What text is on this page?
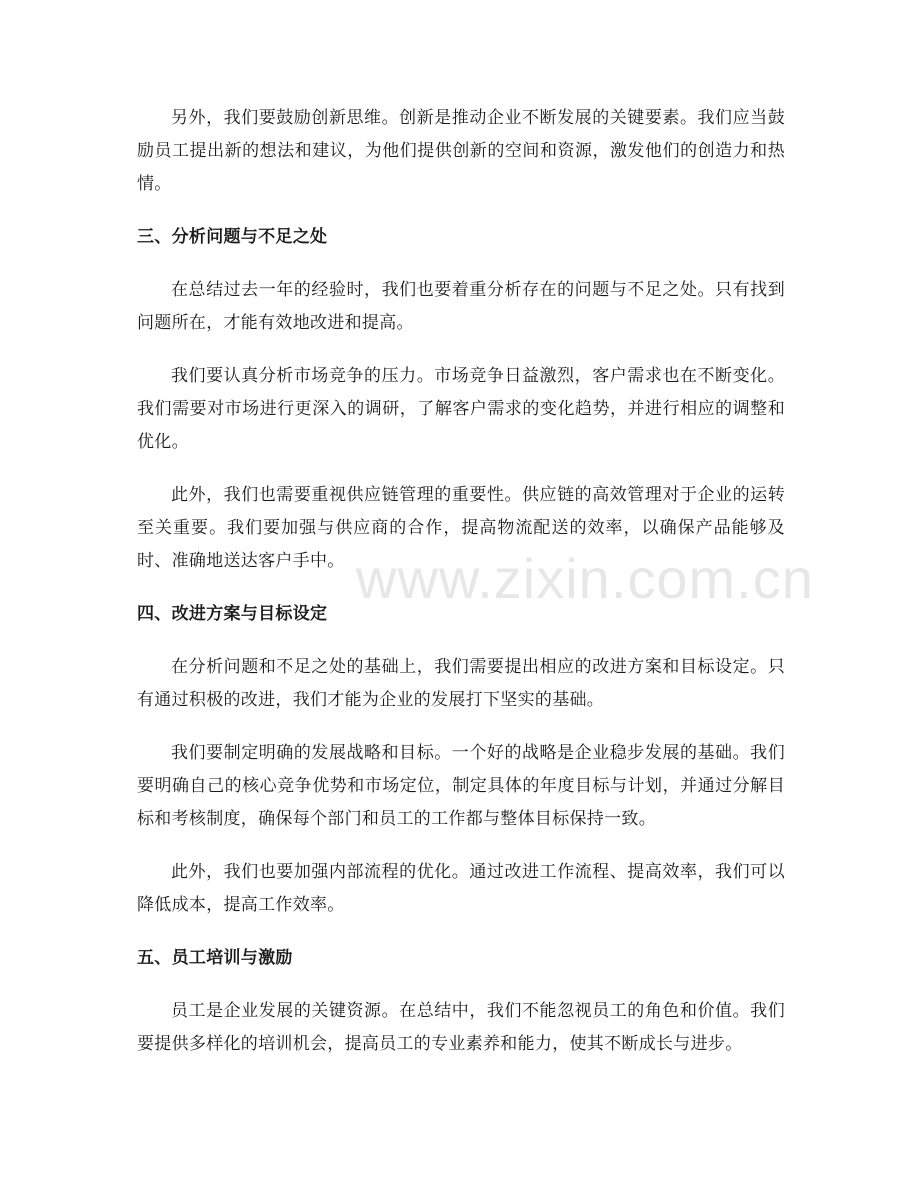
另外，我们要鼓励创新思维。创新是推动企业不断发展的关键要素。我们应当鼓励员工提出新的想法和建议，为他们提供创新的空间和资源，激发他们的创造力和热情。

三、分析问题与不足之处

在总结过去一年的经验时，我们也要着重分析存在的问题与不足之处。只有找到问题所在，才能有效地改进和提高。

我们要认真分析市场竞争的压力。市场竞争日益激烈，客户需求也在不断变化。我们需要对市场进行更深入的调研，了解客户需求的变化趋势，并进行相应的调整和优化。

此外，我们也需要重视供应链管理的重要性。供应链的高效管理对于企业的运转至关重要。我们要加强与供应商的合作，提高物流配送的效率，以确保产品能够及时、准确地送达客户手中。

四、改进方案与目标设定

在分析问题和不足之处的基础上，我们需要提出相应的改进方案和目标设定。只有通过积极的改进，我们才能为企业的发展打下坚实的基础。

我们要制定明确的发展战略和目标。一个好的战略是企业稳步发展的基础。我们要明确自己的核心竞争优势和市场定位，制定具体的年度目标与计划，并通过分解目标和考核制度，确保每个部门和员工的工作都与整体目标保持一致。

此外，我们也要加强内部流程的优化。通过改进工作流程、提高效率，我们可以降低成本，提高工作效率。

五、员工培训与激励

员工是企业发展的关键资源。在总结中，我们不能忽视员工的角色和价值。我们要提供多样化的培训机会，提高员工的专业素养和能力，使其不断成长与进步。

www.zixin.com.cn
